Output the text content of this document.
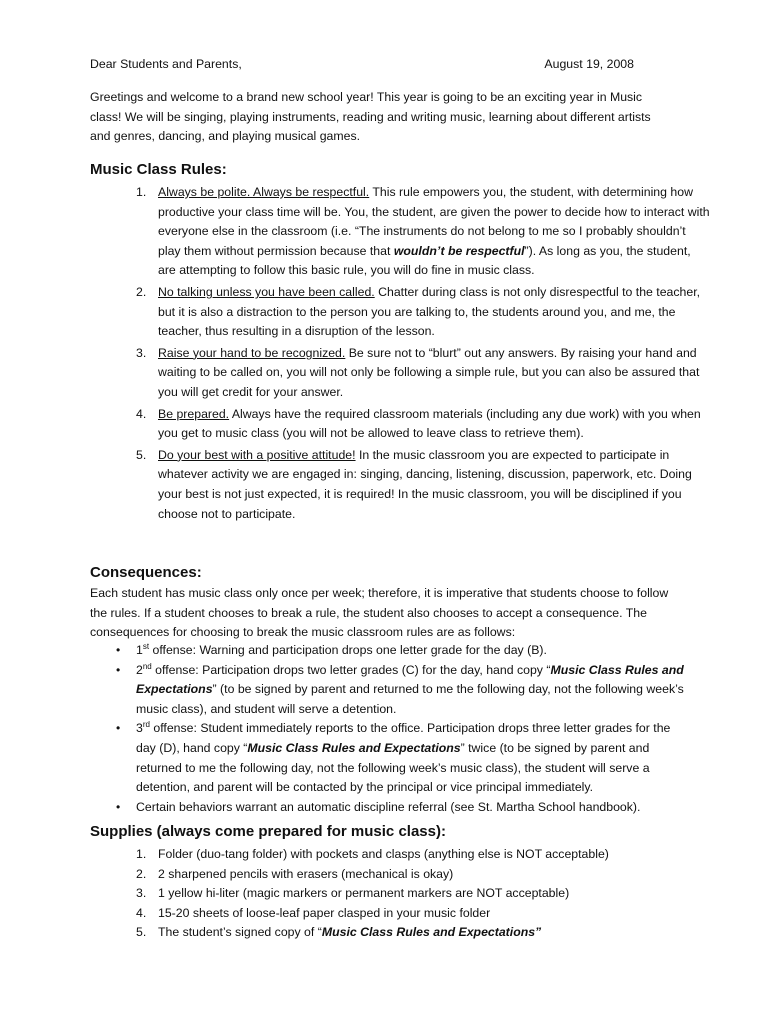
Dear Students and Parents,	August 19, 2008

Greetings and welcome to a brand new school year! This year is going to be an exciting year in Music class! We will be singing, playing instruments, reading and writing music, learning about different artists and genres, dancing, and playing musical games.

Music Class Rules:
1. Always be polite. Always be respectful. This rule empowers you, the student, with determining how productive your class time will be. You, the student, are given the power to decide how to interact with everyone else in the classroom (i.e. “The instruments do not belong to me so I probably shouldn’t play them without permission because that wouldn’t be respectful”). As long as you, the student, are attempting to follow this basic rule, you will do fine in music class.
2. No talking unless you have been called. Chatter during class is not only disrespectful to the teacher, but it is also a distraction to the person you are talking to, the students around you, and me, the teacher, thus resulting in a disruption of the lesson.
3. Raise your hand to be recognized. Be sure not to “blurt” out any answers. By raising your hand and waiting to be called on, you will not only be following a simple rule, but you can also be assured that you will get credit for your answer.
4. Be prepared. Always have the required classroom materials (including any due work) with you when you get to music class (you will not be allowed to leave class to retrieve them).
5. Do your best with a positive attitude! In the music classroom you are expected to participate in whatever activity we are engaged in: singing, dancing, listening, discussion, paperwork, etc. Doing your best is not just expected, it is required! In the music classroom, you will be disciplined if you choose not to participate.
Consequences:

Each student has music class only once per week; therefore, it is imperative that students choose to follow the rules. If a student chooses to break a rule, the student also chooses to accept a consequence. The consequences for choosing to break the music classroom rules are as follows:

• 1st offense: Warning and participation drops one letter grade for the day (B).
• 2nd offense: Participation drops two letter grades (C) for the day, hand copy “Music Class Rules and Expectations” (to be signed by parent and returned to me the following day, not the following week’s music class), and student will serve a detention.
• 3rd offense: Student immediately reports to the office. Participation drops three letter grades for the day (D), hand copy “Music Class Rules and Expectations” twice (to be signed by parent and returned to me the following day, not the following week’s music class), the student will serve a detention, and parent will be contacted by the principal or vice principal immediately.
• Certain behaviors warrant an automatic discipline referral (see St. Martha School handbook).
Supplies (always come prepared for music class):
1. Folder (duo-tang folder) with pockets and clasps (anything else is NOT acceptable)
2. 2 sharpened pencils with erasers (mechanical is okay)
3. 1 yellow hi-liter (magic markers or permanent markers are NOT acceptable)
4. 15-20 sheets of loose-leaf paper clasped in your music folder
5. The student’s signed copy of “Music Class Rules and Expectations”
